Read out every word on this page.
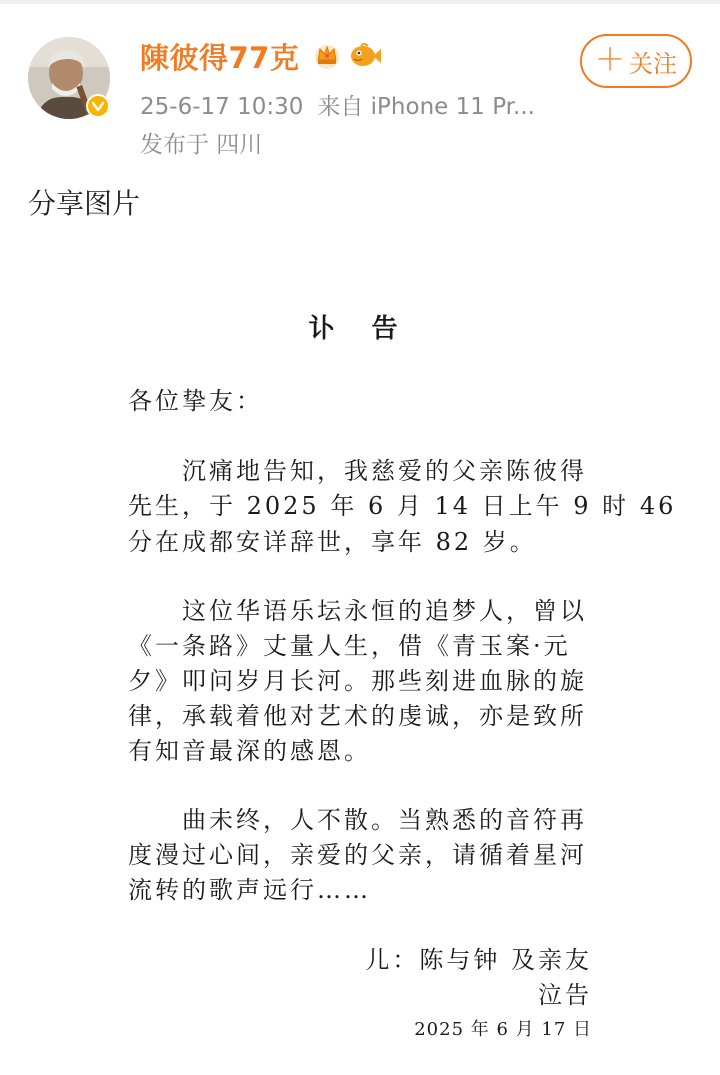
陳彼得77克
25-6-17 10:30 来自 iPhone 11 Pr...
发布于 四川
＋ 关注
分享图片
讣 告
各位挚友：
　　沉痛地告知，我慈爱的父亲陈彼得
先生，于 2025 年 6 月 14 日上午 9 时 46
分在成都安详辞世，享年 82 岁。
　　这位华语乐坛永恒的追梦人，曾以
《一条路》丈量人生，借《青玉案·元
夕》叩问岁月长河。那些刻进血脉的旋
律，承载着他对艺术的虔诚，亦是致所
有知音最深的感恩。
　　曲未终，人不散。当熟悉的音符再
度漫过心间，亲爱的父亲，请循着星河
流转的歌声远行……
儿：陈与钟 及亲友
泣告
2025 年 6 月 17 日
